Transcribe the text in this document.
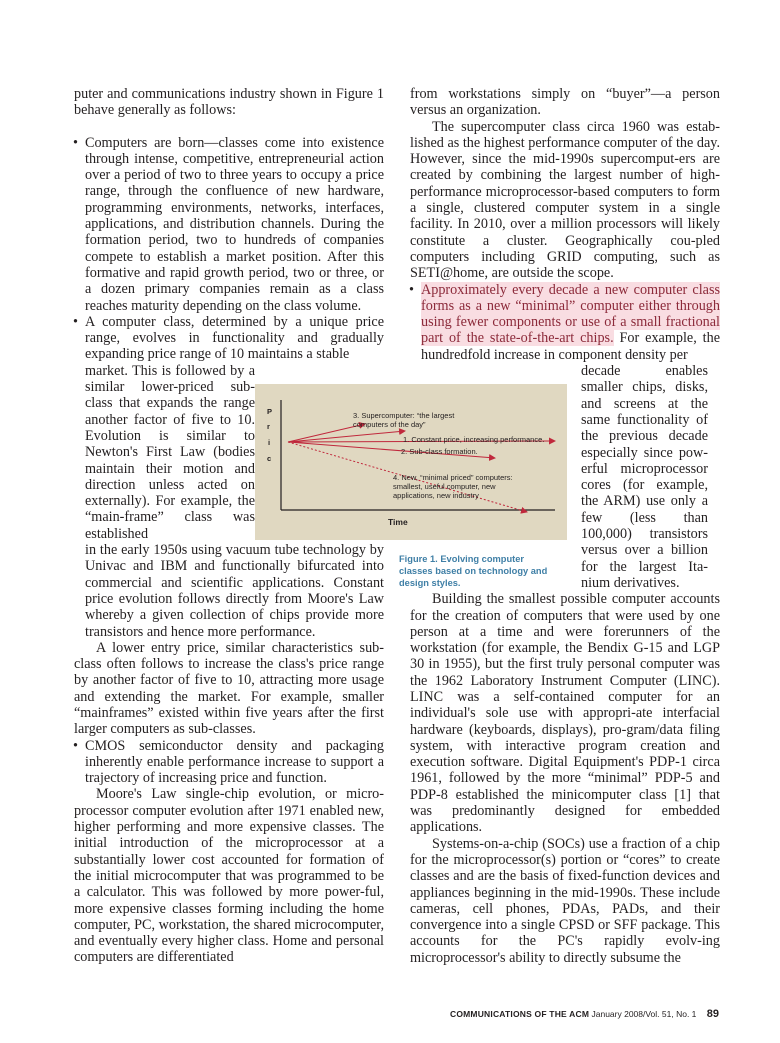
puter and communications industry shown in Figure 1 behave generally as follows:

• Computers are born—classes come into existence through intense, competitive, entrepreneurial action over a period of two to three years to occupy a price range, through the confluence of new hardware, programming environments, networks, interfaces, applications, and distribution channels. During the formation period, two to hundreds of companies compete to establish a market position. After this formative and rapid growth period, two or three, or a dozen primary companies remain as a class reaches maturity depending on the class volume.
• A computer class, determined by a unique price range, evolves in functionality and gradually expanding price range of 10 maintains a stable
market. This is followed by a similar lower-priced sub-class that expands the range another factor of five to 10. Evolution is similar to Newton's First Law (bodies maintain their motion and direction unless acted on externally). For example, the “main-frame” class was established
in the early 1950s using vacuum tube technology by Univac and IBM and functionally bifurcated into commercial and scientific applications. Constant price evolution follows directly from Moore's Law whereby a given collection of chips provide more transistors and hence more performance.

A lower entry price, similar characteristics sub-class often follows to increase the class's price range by another factor of five to 10, attracting more usage and extending the market. For example, smaller “mainframes” existed within five years after the first larger computers as sub-classes.

• CMOS semiconductor density and packaging inherently enable performance increase to support a trajectory of increasing price and function.

Moore's Law single-chip evolution, or micro-processor computer evolution after 1971 enabled new, higher performing and more expensive classes. The initial introduction of the microprocessor at a substantially lower cost accounted for formation of the initial microcomputer that was programmed to be a calculator. This was followed by more power-ful, more expensive classes forming including the home computer, PC, workstation, the shared microcomputer, and eventually every higher class. Home and personal computers are differentiated

from workstations simply on “buyer”—a person versus an organization.

The supercomputer class circa 1960 was estab-lished as the highest performance computer of the day. However, since the mid-1990s supercomput-ers are created by combining the largest number of high-performance microprocessor-based computers to form a single, clustered computer system in a single facility. In 2010, over a million processors will likely constitute a cluster. Geographically cou-pled computers including GRID computing, such as SETI@home, are outside the scope.

• Approximately every decade a new computer class forms as a new “minimal” computer either through using fewer components or use of a small fractional part of the state-of-the-art chips. For example, the hundredfold increase in component density per
decade enables smaller chips, disks, and screens at the same functionality of the previous decade especially since pow-erful microprocessor cores (for example, the ARM) use only a few (less than 100,000) transistors versus over a billion for the largest Ita-nium derivatives.

Building the smallest possible computer accounts for the creation of computers that were used by one person at a time and were forerunners of the workstation (for example, the Bendix G-15 and LGP 30 in 1955), but the first truly personal computer was the 1962 Laboratory Instrument Computer (LINC). LINC was a self-contained computer for an individual's sole use with appropri-ate interfacial hardware (keyboards, displays), pro-gram/data filing system, with interactive program creation and execution software. Digital Equipment's PDP-1 circa 1961, followed by the more “minimal” PDP-5 and PDP-8 established the minicomputer class [1] that was predominantly designed for embedded applications.

Systems-on-a-chip (SOCs) use a fraction of a chip for the microprocessor(s) portion or “cores” to create classes and are the basis of fixed-function devices and appliances beginning in the mid-1990s. These include cameras, cell phones, PDAs, PADs, and their convergence into a single CPSD or SFF package. This accounts for the PC's rapidly evolv-ing microprocessor's ability to directly subsume the

P
r
i
c
3. Supercomputer: “the largest computers of the day”
1. Constant price, increasing performance.
2. Sub-class formation.
4. New, “minimal priced” computers: smallest, useful computer, new applications, new industry
Time
Figure 1. Evolving computer classes based on technology and design styles.
COMMUNICATIONS OF THE ACM January 2008/Vol. 51, No. 1 89
